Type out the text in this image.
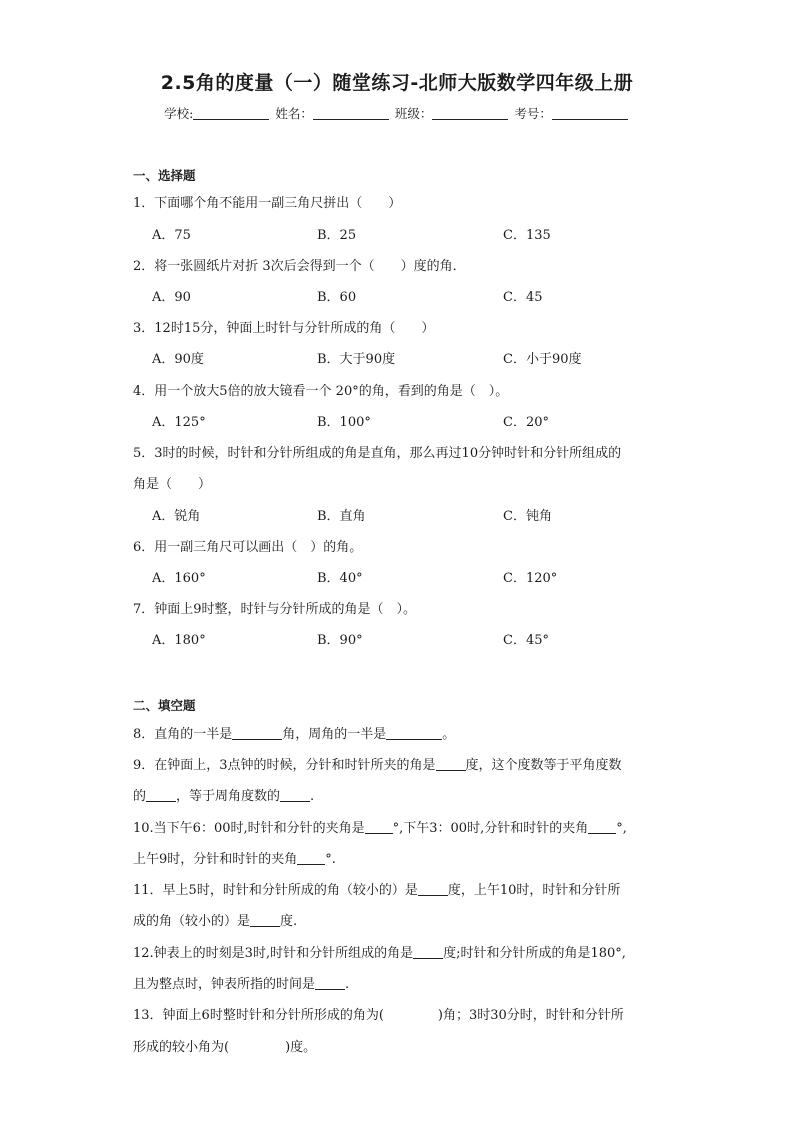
2.5角的度量（一）随堂练习-北师大版数学四年级上册
学校:	姓名：	班级：	考号：
一、选择题
1．下面哪个角不能用一副三角尺拼出（　　）
A．75	B．25	C．135
2．将一张圆纸片对折 3次后会得到一个（　　）度的角．
A．90	B．60	C．45
3．12时15分，钟面上时针与分针所成的角（　　）
A．90度	B．大于90度	C．小于90度
4．用一个放大5倍的放大镜看一个 20°的角，看到的角是（　）。
A．125°	B．100°	C．20°
5．3时的时候，时针和分针所组成的角是直角，那么再过10分钟时针和分针所组成的
角是（　　）
A．锐角	B．直角	C．钝角
6．用一副三角尺可以画出（　）的角。
A．160°	B．40°	C．120°
7．钟面上9时整，时针与分针所成的角是（　）。
A．180°	B．90°	C．45°
二、填空题
8．直角的一半是	角，周角的一半是	。
9．在钟面上，3点钟的时候，分针和时针所夹的角是 度，这个度数等于平角度数
的 ，等于周角度数的 .
10.当下午6：00时,时针和分针的夹角是 °,下午3：00时,分针和时针的夹角 °,
上午9时，分针和时针的夹角 °.
11．早上5时，时针和分针所成的角（较小的）是 度，上午10时，时针和分针所
成的角（较小的）是 度.
12.钟表上的时刻是3时,时针和分针所组成的角是 度;时针和分针所成的角是180°,
且为整点时，钟表所指的时间是 .
13．钟面上6时整时针和分针所形成的角为(	)角；3时30分时，时针和分针所
形成的较小角为(	)度。
